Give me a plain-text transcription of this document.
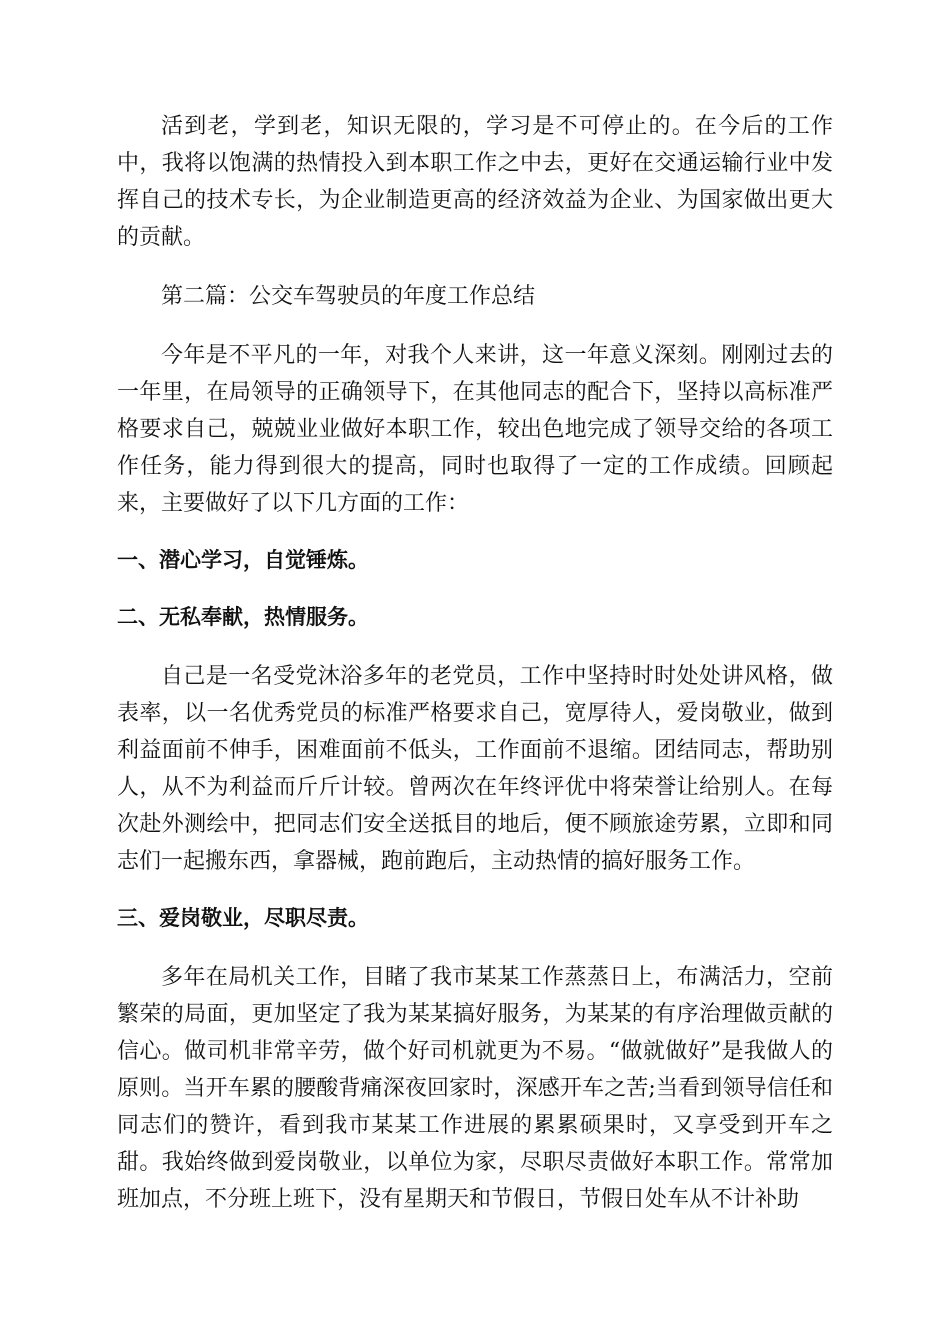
活到老，学到老，知识无限的，学习是不可停止的。在今后的工作中，我将以饱满的热情投入到本职工作之中去，更好在交通运输行业中发挥自己的技术专长，为企业制造更高的经济效益为企业、为国家做出更大的贡献。

第二篇：公交车驾驶员的年度工作总结

今年是不平凡的一年，对我个人来讲，这一年意义深刻。刚刚过去的一年里，在局领导的正确领导下，在其他同志的配合下，坚持以高标准严格要求自己，兢兢业业做好本职工作，较出色地完成了领导交给的各项工作任务，能力得到很大的提高，同时也取得了一定的工作成绩。回顾起来，主要做好了以下几方面的工作：

一、潜心学习，自觉锤炼。

二、无私奉献，热情服务。

自己是一名受党沐浴多年的老党员，工作中坚持时时处处讲风格，做表率，以一名优秀党员的标准严格要求自己，宽厚待人，爱岗敬业，做到利益面前不伸手，困难面前不低头，工作面前不退缩。团结同志，帮助别人，从不为利益而斤斤计较。曾两次在年终评优中将荣誉让给别人。在每次赴外测绘中，把同志们安全送抵目的地后，便不顾旅途劳累，立即和同志们一起搬东西，拿器械，跑前跑后，主动热情的搞好服务工作。

三、爱岗敬业，尽职尽责。

多年在局机关工作，目睹了我市某某工作蒸蒸日上，布满活力，空前繁荣的局面，更加坚定了我为某某搞好服务，为某某的有序治理做贡献的信心。做司机非常辛劳，做个好司机就更为不易。“做就做好”是我做人的原则。当开车累的腰酸背痛深夜回家时，深感开车之苦;当看到领导信任和同志们的赞许，看到我市某某工作进展的累累硕果时，又享受到开车之甜。我始终做到爱岗敬业，以单位为家，尽职尽责做好本职工作。常常加班加点，不分班上班下，没有星期天和节假日，节假日处车从不计补助
